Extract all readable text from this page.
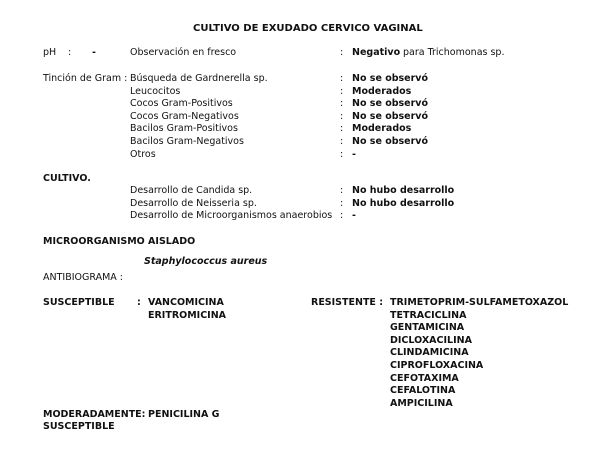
CULTIVO DE EXUDADO CERVICO VAGINAL
pH : -	Observación en fresco	: Negativo para Trichomonas sp.
Tinción de Gram : Búsqueda de Gardnerella sp.
Leucocitos
Cocos Gram-Positivos
Cocos Gram-Negativos
Bacilos Gram-Positivos
Bacilos Gram-Negativos
Otros
:
:
:
:
:
:
:
No se observó
Moderados
No se observó
No se observó
Moderados
No se observó
-
CULTIVO.
Desarrollo de Candida sp.
Desarrollo de Neisseria sp.
Desarrollo de Microorganismos anaerobios
:
:
:
No hubo desarrollo
No hubo desarrollo
-
MICROORGANISMO AISLADO
Staphylococcus aureus
ANTIBIOGRAMA :
SUSCEPTIBLE : VANCOMICINA
ERITROMICINA
RESISTENTE : TRIMETOPRIM-SULFAMETOXAZOL
TETRACICLINA
GENTAMICINA
DICLOXACILINA
CLINDAMICINA
CIPROFLOXACINA
CEFOTAXIMA
CEFALOTINA
AMPICILINA
MODERADAMENTE:
SUSCEPTIBLE
PENICILINA G
